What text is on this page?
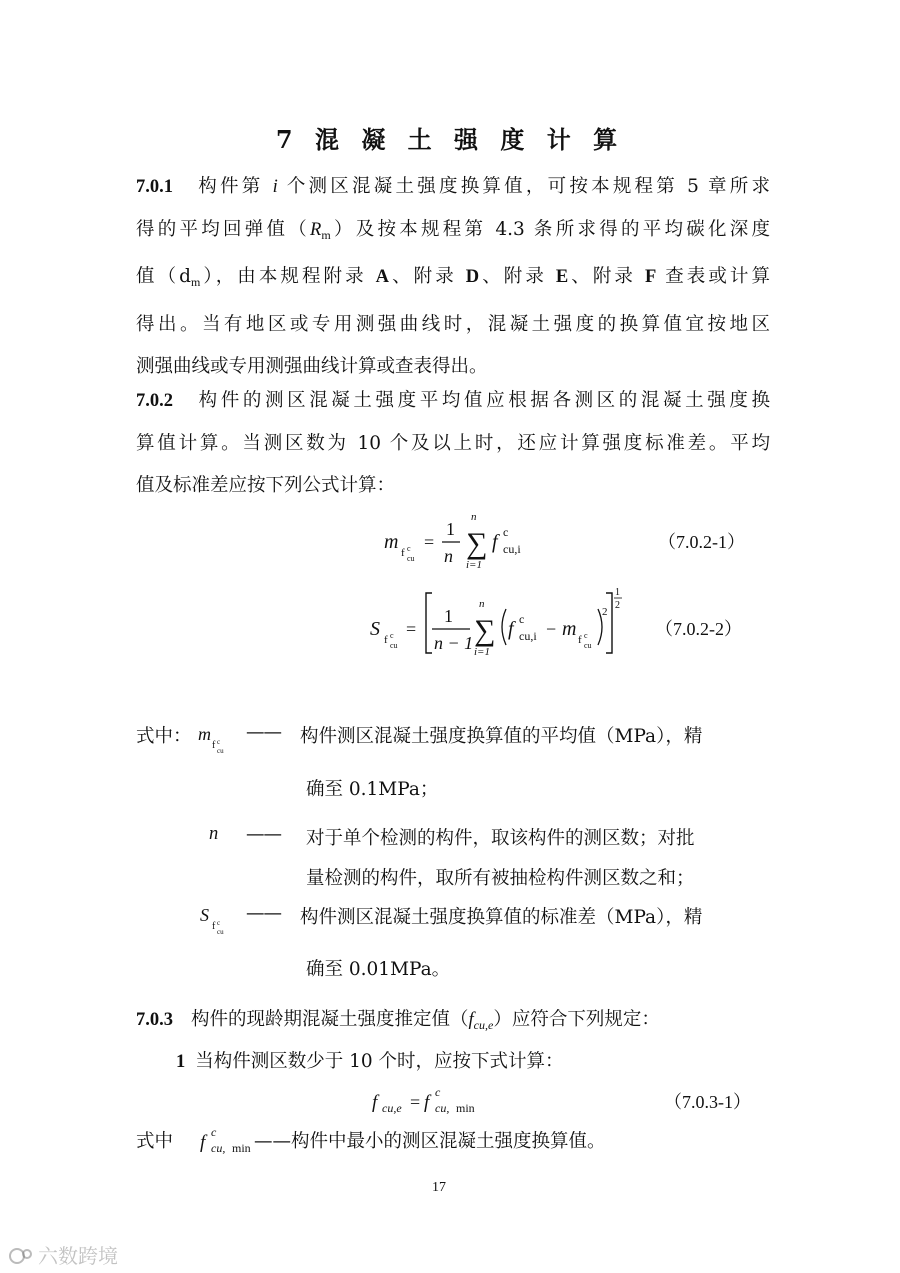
7 混 凝 土 强 度 计 算
7.0.1 构件第 i 个测区混凝土强度换算值，可按本规程第 5 章所求
得的平均回弹值$(R_m)$及按本规程第 4.3 条所求得的平均碳化深度
值$(d_m)$，由本规程附录 A、附录 D、附录 E、附录 F 查表或计算
得出。当有地区或专用测强曲线时，混凝土强度的换算值宜按地区
测强曲线或专用测强曲线计算或查表得出。
7.0.2 构件的测区混凝土强度平均值应根据各测区的混凝土强度换
算值计算。当测区数为 10 个及以上时，还应计算强度标准差。平均
值及标准差应按下列公式计算：
m f c
cu
=
1
n ∑
n
i=1
f c
cu,i	（7.0.2-1）
S f c
cu
=
1
n − 1 ∑
n
i=1
f c
cu,i − m f c
cu
2
1
2
（7.0.2-2）
式中： m
f c
cu
—— 构件测区混凝土强度换算值的平均值（MPa），精
确至 0.1MPa；
n —— 对于单个检测的构件，取该构件的测区数；对批
量检测的构件，取所有被抽检构件测区数之和；
S
f c
cu
—— 构件测区混凝土强度换算值的标准差（MPa），精
确至 0.01MPa。
7.0.3 构件的现龄期混凝土强度推定值$(f_{cu,e})$应符合下列规定：
1 当构件测区数少于 10 个时，应按下式计算：
f cu,e = f c
cu, min	（7.0.3-1）
式中 f c
cu, min ——构件中最小的测区混凝土强度换算值。
17
六数跨境
